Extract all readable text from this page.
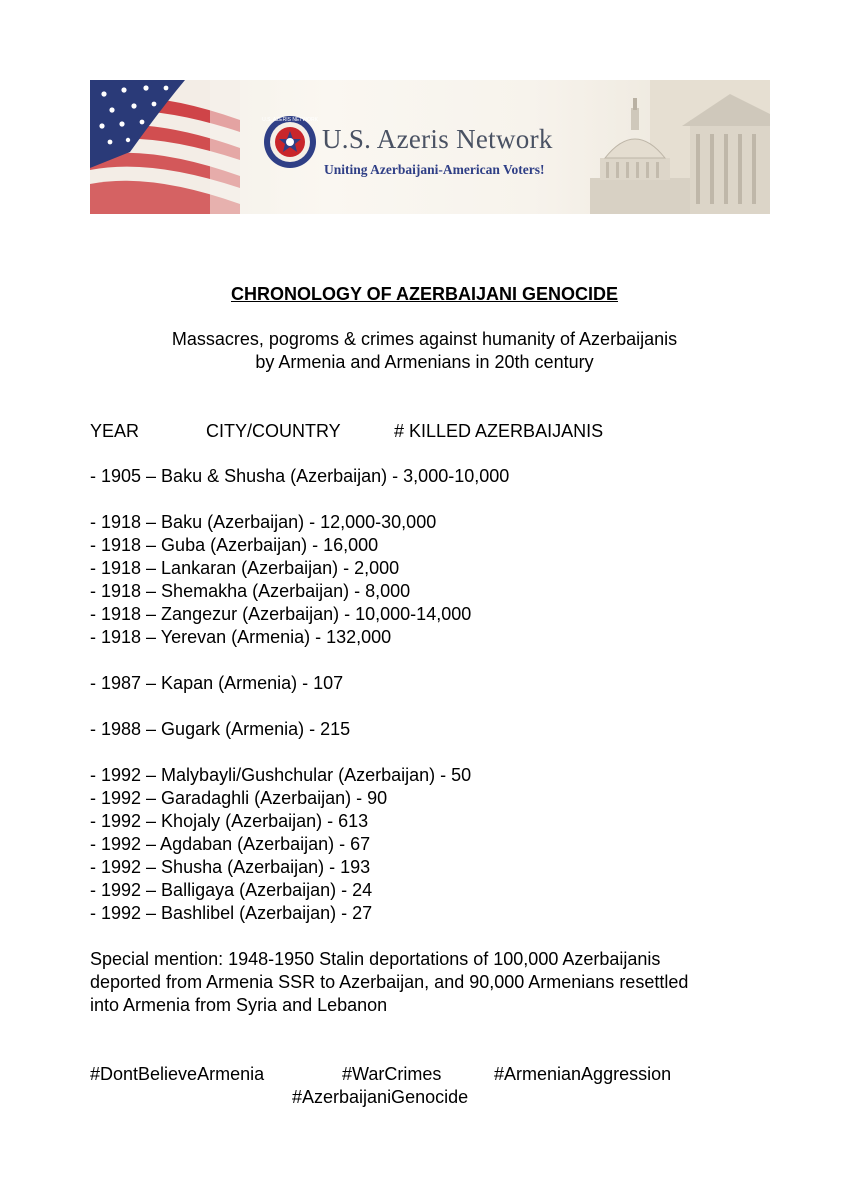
U.S. AZERIS NETWORK
U.S. Azeris Network
Uniting Azerbaijani-American Voters!
CHRONOLOGY OF AZERBAIJANI GENOCIDE
Massacres, pogroms & crimes against humanity of Azerbaijanis
by Armenia and Armenians in 20th century
YEAR	CITY/COUNTRY	# KILLED AZERBAIJANIS
- 1905 – Baku & Shusha (Azerbaijan) - 3,000-10,000
- 1918 – Baku (Azerbaijan) - 12,000-30,000
- 1918 – Guba (Azerbaijan) - 16,000
- 1918 – Lankaran (Azerbaijan) - 2,000
- 1918 – Shemakha (Azerbaijan) - 8,000
- 1918 – Zangezur (Azerbaijan) - 10,000-14,000
- 1918 – Yerevan (Armenia) - 132,000
- 1987 – Kapan (Armenia) - 107
- 1988 – Gugark (Armenia) - 215
- 1992 – Malybayli/Gushchular (Azerbaijan) - 50
- 1992 – Garadaghli (Azerbaijan) - 90
- 1992 – Khojaly (Azerbaijan) - 613
- 1992 – Agdaban (Azerbaijan) - 67
- 1992 – Shusha (Azerbaijan) - 193
- 1992 – Balligaya (Azerbaijan) - 24
- 1992 – Bashlibel (Azerbaijan) - 27
Special mention: 1948-1950 Stalin deportations of 100,000 Azerbaijanis
deported from Armenia SSR to Azerbaijan, and 90,000 Armenians resettled
into Armenia from Syria and Lebanon
#DontBelieveArmenia	#WarCrimes	#ArmenianAggression
#AzerbaijaniGenocide
